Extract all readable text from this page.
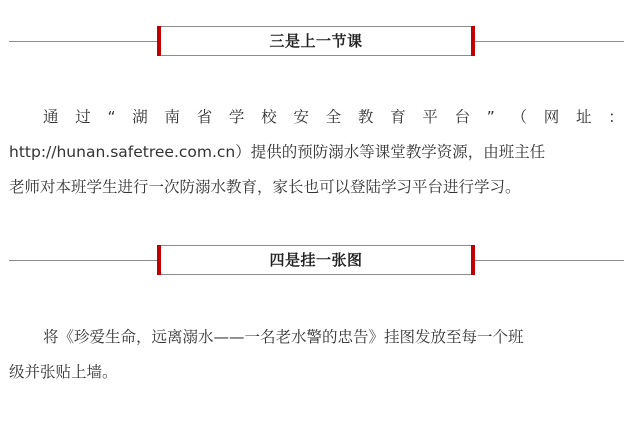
三是上一节课
通 过 “ 湖 南 省 学 校 安 全 教 育 平 台 ” （ 网 址 ：
http://hunan.safetree.com.cn）提供的预防溺水等课堂教学资源，由班主任
老师对本班学生进行一次防溺水教育，家长也可以登陆学习平台进行学习。
四是挂一张图
将《珍爱生命，远离溺水——一名老水警的忠告》挂图发放至每一个班
级并张贴上墙。
